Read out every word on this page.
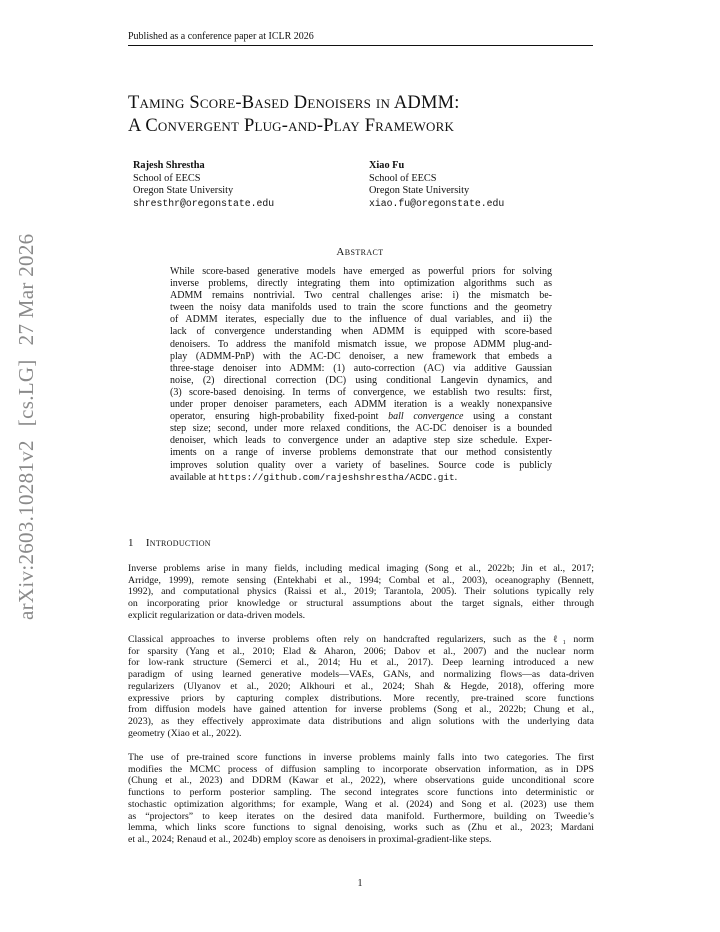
Published as a conference paper at ICLR 2026
arXiv:2603.10281v2[cs.LG]27 Mar 2026
Taming Score-Based Denoisers in ADMM:
A Convergent Plug-and-Play Framework
Rajesh Shrestha
School of EECS
Oregon State University
shresthr@oregonstate.edu
Xiao Fu
School of EECS
Oregon State University
xiao.fu@oregonstate.edu
Abstract
While score-based generative models have emerged as powerful priors for solving
inverse problems, directly integrating them into optimization algorithms such as
ADMM remains nontrivial. Two central challenges arise: i) the mismatch be-
tween the noisy data manifolds used to train the score functions and the geometry
of ADMM iterates, especially due to the influence of dual variables, and ii) the
lack of convergence understanding when ADMM is equipped with score-based
denoisers. To address the manifold mismatch issue, we propose ADMM plug-and-
play (ADMM-PnP) with the AC-DC denoiser, a new framework that embeds a
three-stage denoiser into ADMM: (1) auto-correction (AC) via additive Gaussian
noise, (2) directional correction (DC) using conditional Langevin dynamics, and
(3) score-based denoising. In terms of convergence, we establish two results: first,
under proper denoiser parameters, each ADMM iteration is a weakly nonexpansive
operator, ensuring high-probability fixed-point ball convergence using a constant
step size; second, under more relaxed conditions, the AC-DC denoiser is a bounded
denoiser, which leads to convergence under an adaptive step size schedule. Exper-
iments on a range of inverse problems demonstrate that our method consistently
improves solution quality over a variety of baselines. Source code is publicly
available at https://github.com/rajeshshrestha/ACDC.git.
1 Introduction
Inverse problems arise in many fields, including medical imaging (Song et al., 2022b; Jin et al., 2017;
Arridge, 1999), remote sensing (Entekhabi et al., 1994; Combal et al., 2003), oceanography (Bennett,
1992), and computational physics (Raissi et al., 2019; Tarantola, 2005). Their solutions typically rely
on incorporating prior knowledge or structural assumptions about the target signals, either through
explicit regularization or data-driven models.
Classical approaches to inverse problems often rely on handcrafted regularizers, such as the ℓ₁ norm
for sparsity (Yang et al., 2010; Elad & Aharon, 2006; Dabov et al., 2007) and the nuclear norm
for low-rank structure (Semerci et al., 2014; Hu et al., 2017). Deep learning introduced a new
paradigm of using learned generative models—VAEs, GANs, and normalizing flows—as data-driven
regularizers (Ulyanov et al., 2020; Alkhouri et al., 2024; Shah & Hegde, 2018), offering more
expressive priors by capturing complex distributions. More recently, pre-trained score functions
from diffusion models have gained attention for inverse problems (Song et al., 2022b; Chung et al.,
2023), as they effectively approximate data distributions and align solutions with the underlying data
geometry (Xiao et al., 2022).
The use of pre-trained score functions in inverse problems mainly falls into two categories. The first
modifies the MCMC process of diffusion sampling to incorporate observation information, as in DPS
(Chung et al., 2023) and DDRM (Kawar et al., 2022), where observations guide unconditional score
functions to perform posterior sampling. The second integrates score functions into deterministic or
stochastic optimization algorithms; for example, Wang et al. (2024) and Song et al. (2023) use them
as “projectors” to keep iterates on the desired data manifold. Furthermore, building on Tweedie’s
lemma, which links score functions to signal denoising, works such as (Zhu et al., 2023; Mardani
et al., 2024; Renaud et al., 2024b) employ score as denoisers in proximal-gradient-like steps.
1
